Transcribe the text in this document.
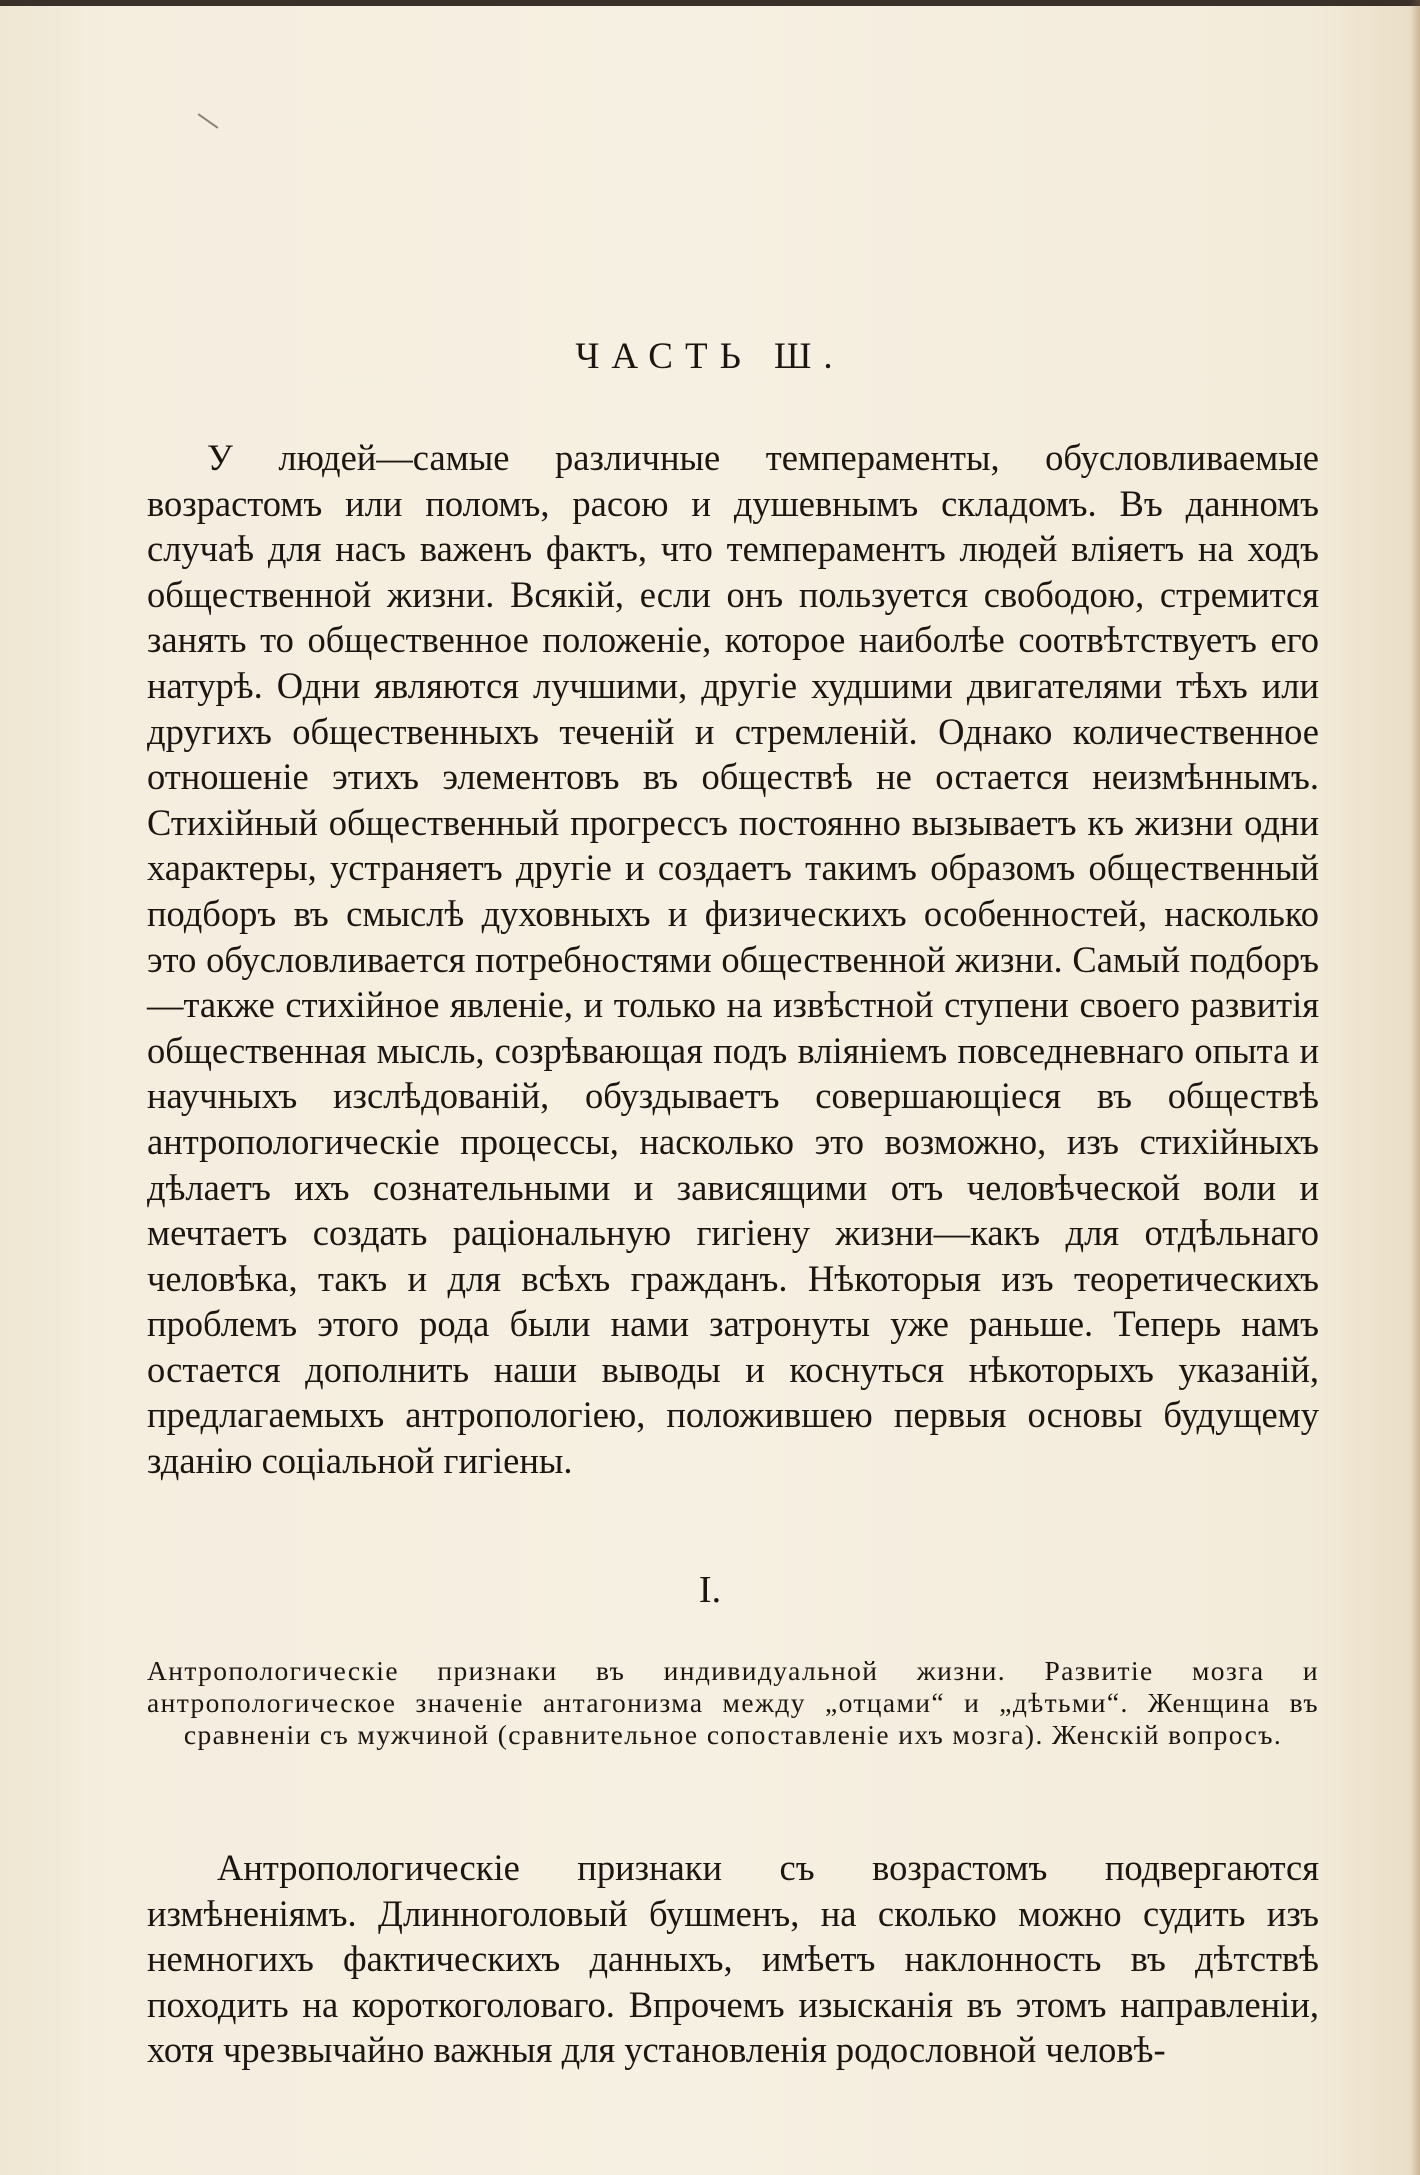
ЧАСТЬ Ш.
У людей—самые различные темпераменты, обусловливаемые возрастомъ или поломъ, расою и душевнымъ складомъ. Въ данномъ случаѣ для насъ важенъ фактъ, что темпераментъ людей вліяетъ на ходъ общественной жизни. Всякій, если онъ пользуется свободою, стремится занять то общественное положеніе, которое наиболѣе соотвѣтствуетъ его натурѣ. Одни являются лучшими, другіе худшими двигателями тѣхъ или другихъ общественныхъ теченій и стремленій. Однако количественное отношеніе этихъ элементовъ въ обществѣ не остается неизмѣннымъ. Стихійный общественный прогрессъ постоянно вызываетъ къ жизни одни характеры, устраняетъ другіе и создаетъ такимъ образомъ общественный подборъ въ смыслѣ духовныхъ и физическихъ особенностей, насколько это обусловливается потребностями общественной жизни. Самый подборъ—также стихійное явленіе, и только на извѣстной ступени своего развитія общественная мысль, созрѣвающая подъ вліяніемъ повседневнаго опыта и научныхъ изслѣдованій, обуздываетъ совершающіеся въ обществѣ антропологическіе процессы, насколько это возможно, изъ стихійныхъ дѣлаетъ ихъ сознательными и зависящими отъ человѣческой воли и мечтаетъ создать раціональную гигіену жизни—какъ для отдѣльнаго человѣка, такъ и для всѣхъ гражданъ. Нѣкоторыя изъ теоретическихъ проблемъ этого рода были нами затронуты уже раньше. Теперь намъ остается дополнить наши выводы и коснуться нѣкоторыхъ указаній, предлагаемыхъ антропологіею, положившею первыя основы будущему зданію соціальной гигіены.
I.
Антропологическіе признаки въ индивидуальной жизни. Развитіе мозга и антропологическое значеніе антагонизма между „отцами“ и „дѣтьми“. Женщина въ сравненіи съ мужчиной (сравнительное сопоставленіе ихъ мозга). Женскій вопросъ.
Антропологическіе признаки съ возрастомъ подвергаются измѣненіямъ. Длинноголовый бушменъ, на сколько можно судить изъ немногихъ фактическихъ данныхъ, имѣетъ наклонность въ дѣтствѣ походить на короткоголоваго. Впрочемъ изысканія въ этомъ направленіи, хотя чрезвычайно важныя для установленія родословной человѣ-
